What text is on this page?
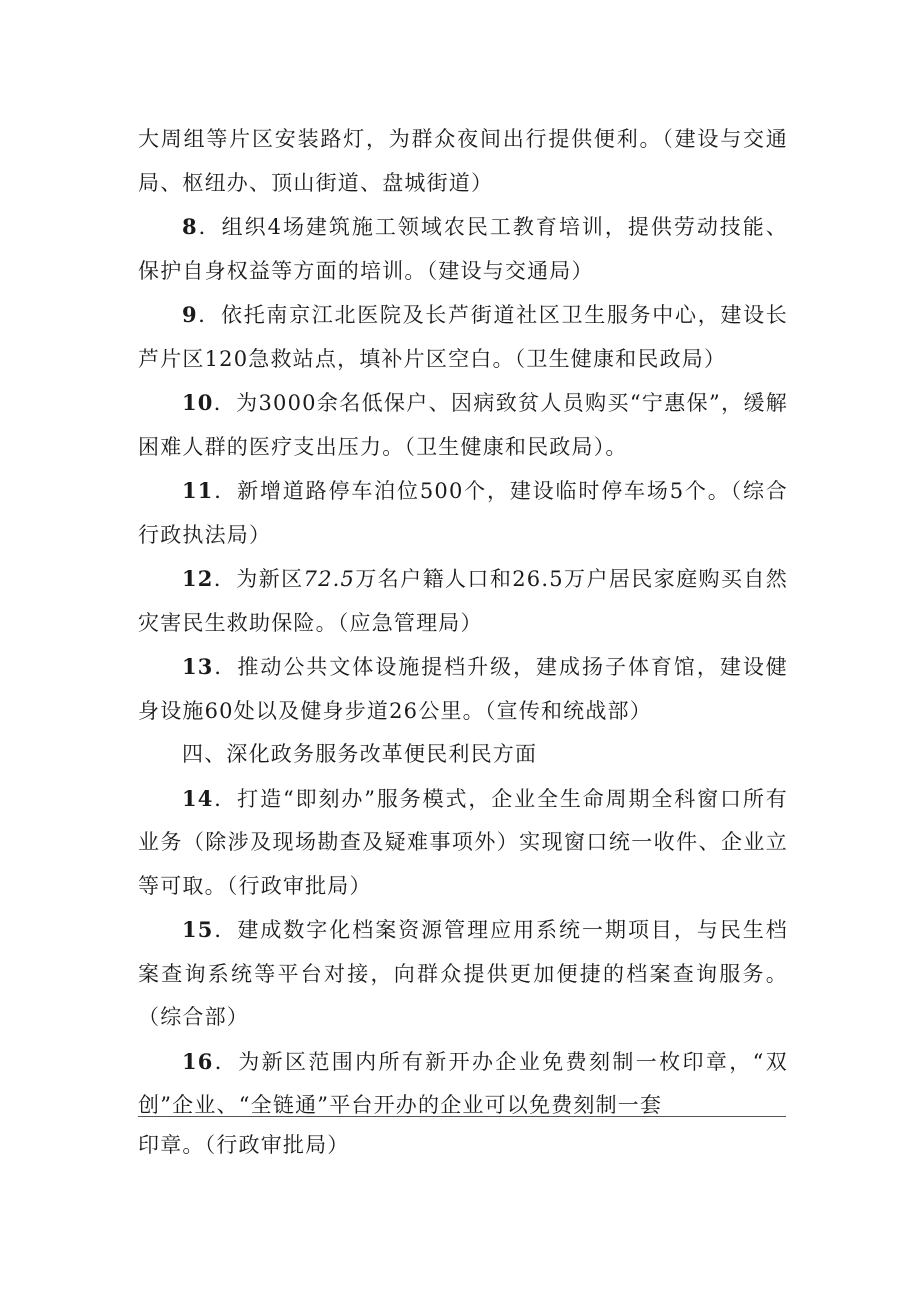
大周组等片区安装路灯，为群众夜间出行提供便利。（建设与交通局、枢纽办、顶山街道、盘城街道）

8．组织4场建筑施工领域农民工教育培训，提供劳动技能、保护自身权益等方面的培训。（建设与交通局）

9．依托南京江北医院及长芦街道社区卫生服务中心，建设长芦片区120急救站点，填补片区空白。（卫生健康和民政局）

10．为3000余名低保户、因病致贫人员购买“宁惠保”，缓解困难人群的医疗支出压力。（卫生健康和民政局）。

11．新增道路停车泊位500个，建设临时停车场5个。（综合行政执法局）

12．为新区72.5万名户籍人口和26.5万户居民家庭购买自然灾害民生救助保险。（应急管理局）

13．推动公共文体设施提档升级，建成扬子体育馆，建设健身设施60处以及健身步道26公里。（宣传和统战部）

四、深化政务服务改革便民利民方面

14．打造“即刻办”服务模式，企业全生命周期全科窗口所有业务（除涉及现场勘查及疑难事项外）实现窗口统一收件、企业立等可取。（行政审批局）

15．建成数字化档案资源管理应用系统一期项目，与民生档案查询系统等平台对接，向群众提供更加便捷的档案查询服务。（综合部）

16．为新区范围内所有新开办企业免费刻制一枚印章，“双创”企业、“全链通”平台开办的企业可以免费刻制一套

印章。（行政审批局）
